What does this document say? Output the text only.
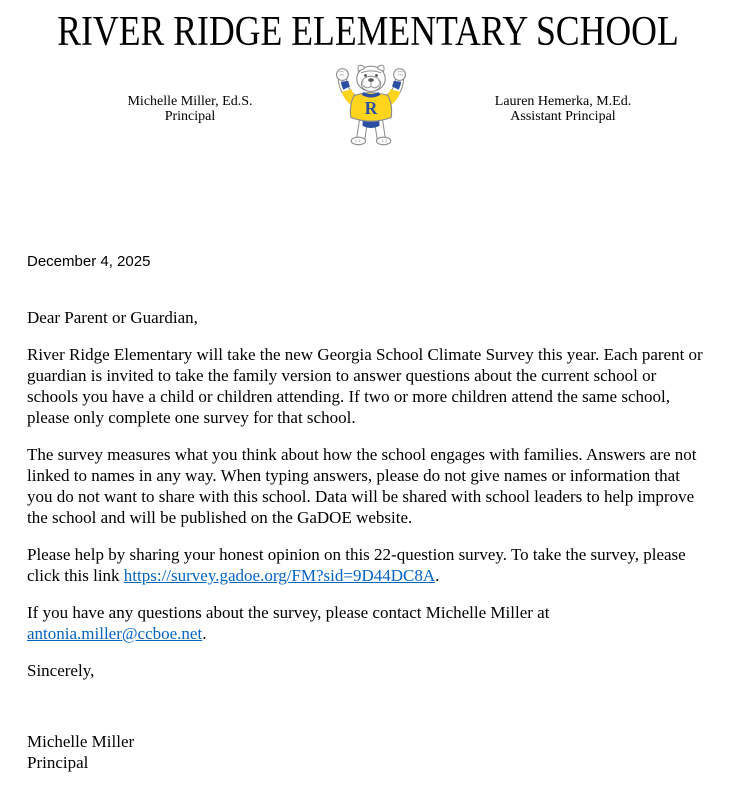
RIVER RIDGE ELEMENTARY SCHOOL
Michelle Miller, Ed.S.
Principal	R	Lauren Hemerka, M.Ed.
Assistant Principal

December 4, 2025

Dear Parent or Guardian,

River Ridge Elementary will take the new Georgia School Climate Survey this year. Each parent or guardian is invited to take the family version to answer questions about the current school or schools you have a child or children attending. If two or more children attend the same school, please only complete one survey for that school.

The survey measures what you think about how the school engages with families. Answers are not linked to names in any way. When typing answers, please do not give names or information that you do not want to share with this school. Data will be shared with school leaders to help improve the school and will be published on the GaDOE website.

Please help by sharing your honest opinion on this 22-question survey. To take the survey, please click this link https://survey.gadoe.org/FM?sid=9D44DC8A.

If you have any questions about the survey, please contact Michelle Miller at antonia.miller@ccboe.net.

Sincerely,

Michelle Miller
Principal
